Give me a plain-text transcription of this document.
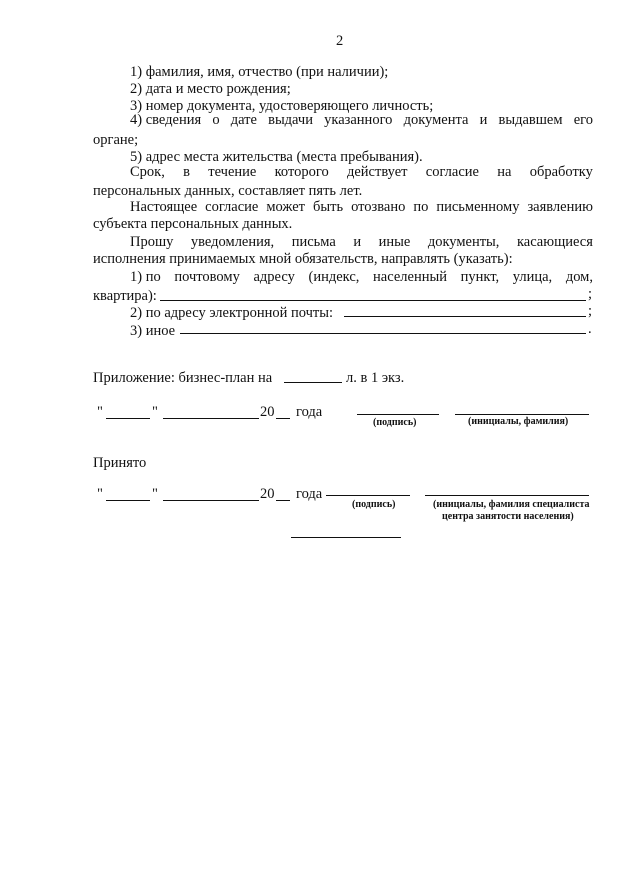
2
1) фамилия, имя, отчество (при наличии);
2) дата и место рождения;
3) номер документа, удостоверяющего личность;
4) сведения о дате выдачи указанного документа и выдавшем его
органе;
5) адрес места жительства (места пребывания).
Срок, в течение которого действует согласие на обработку
персональных данных, составляет пять лет.
Настоящее согласие может быть отозвано по письменному заявлению
субъекта персональных данных.
Прошу уведомления, письма и иные документы, касающиеся
исполнения принимаемых мной обязательств, направлять (указать):
1) по почтовому адресу (индекс, населенный пункт, улица, дом,
квартира):	;
2) по адресу электронной почты:	;
3) иное	.
Приложение: бизнес-план на	л. в 1 экз.
"	"	20 года
(подпись)	(инициалы, фамилия)
Принято
"	"	20 года
(подпись)	(инициалы, фамилия специалиста
центра занятости населения)
